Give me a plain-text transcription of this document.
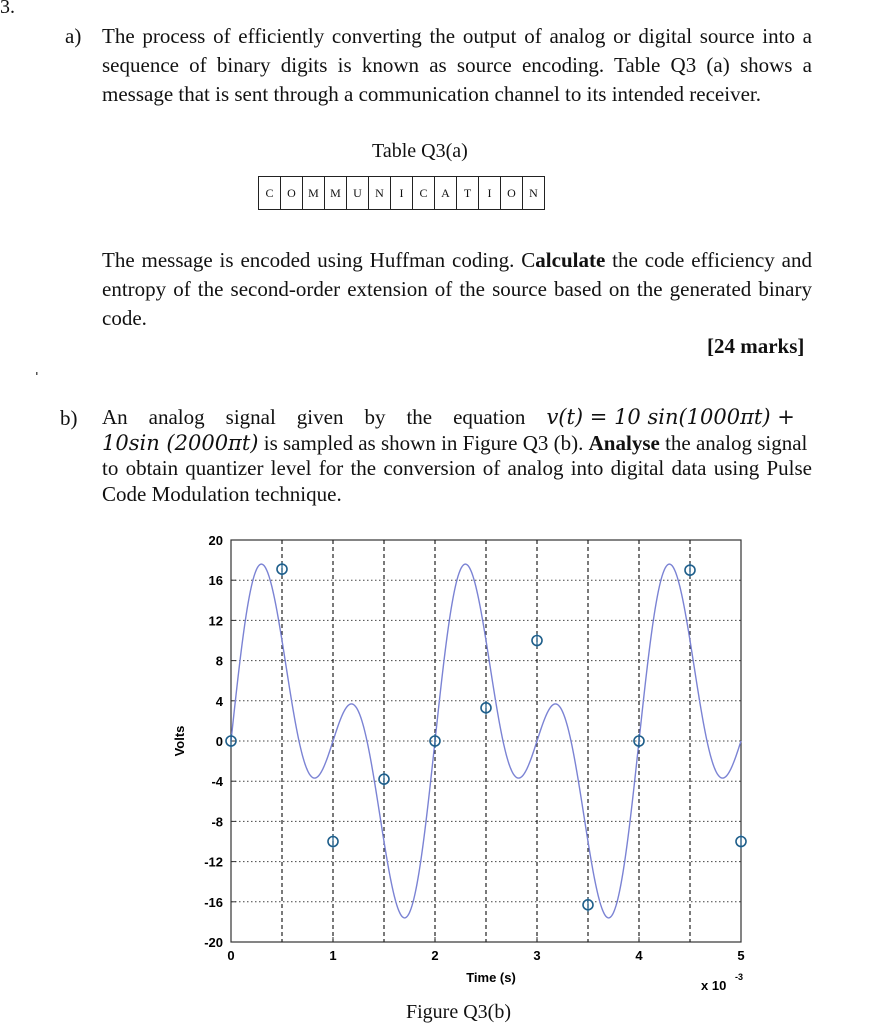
3.
a) The process of efficiently converting the output of analog or digital source into a
sequence of binary digits is known as source encoding. Table Q3 (a) shows a
message that is sent through a communication channel to its intended receiver.
Table Q3(a)
C	O	M	M	U	N	I	C	A	T	I	O	N
The message is encoded using Huffman coding. Calculate the code efficiency and
entropy of the second-order extension of the source based on the generated binary
code.
[24 marks]
b) An    analog    signal    given    by    the    equation v(t) = 10 sin(1000πt) +
10sin (2000πt) is sampled as shown in Figure Q3 (b). Analyse the analog signal
to obtain quantizer level for the conversion of analog into digital data using Pulse
Code Modulation technique.
20
16
12
8
4
0
-4
-8
-12
-16
-20
0	1	2	3	4	5
Time (s)
Volts
x 10
-3
Figure Q3(b)
